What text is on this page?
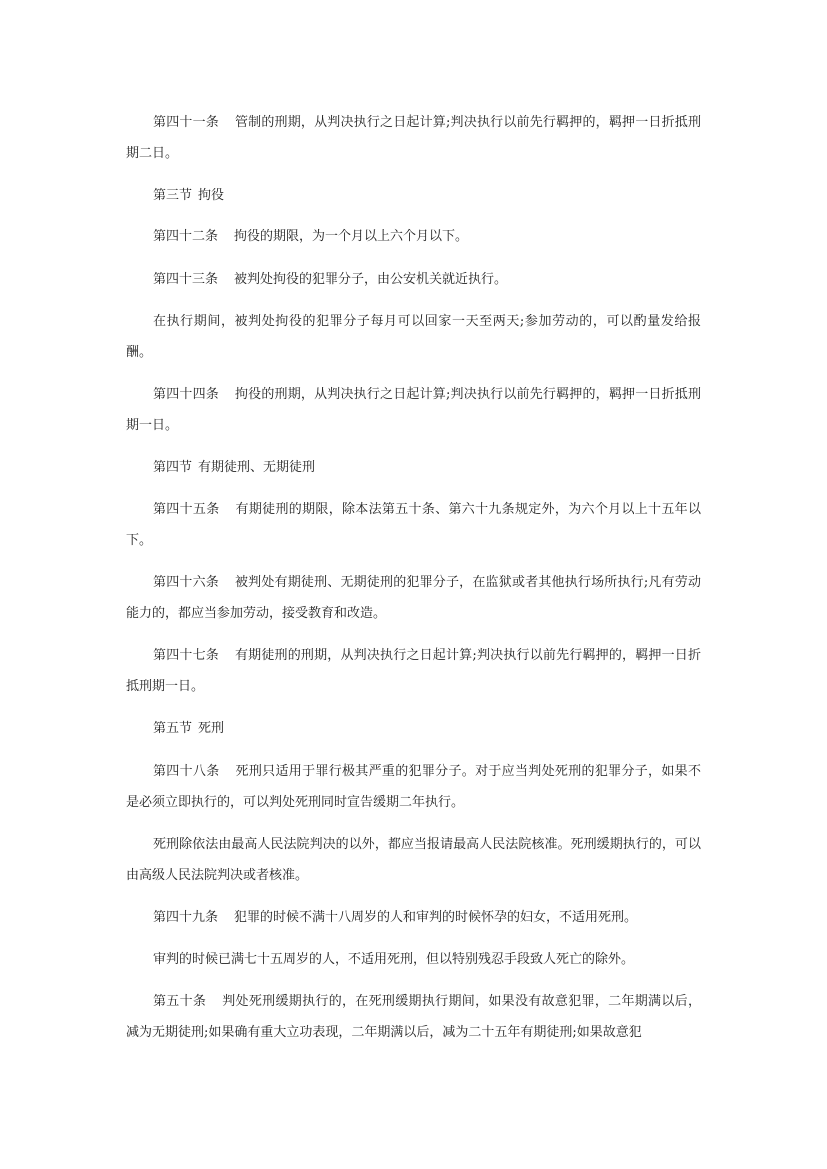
第四十一条 管制的刑期，从判决执行之日起计算;判决执行以前先行羁押的，羁押一日折抵刑期二日。

第三节 拘役

第四十二条 拘役的期限，为一个月以上六个月以下。

第四十三条 被判处拘役的犯罪分子，由公安机关就近执行。

在执行期间，被判处拘役的犯罪分子每月可以回家一天至两天;参加劳动的，可以酌量发给报酬。

第四十四条 拘役的刑期，从判决执行之日起计算;判决执行以前先行羁押的，羁押一日折抵刑期一日。

第四节 有期徒刑、无期徒刑

第四十五条 有期徒刑的期限，除本法第五十条、第六十九条规定外，为六个月以上十五年以下。

第四十六条 被判处有期徒刑、无期徒刑的犯罪分子，在监狱或者其他执行场所执行;凡有劳动能力的，都应当参加劳动，接受教育和改造。

第四十七条 有期徒刑的刑期，从判决执行之日起计算;判决执行以前先行羁押的，羁押一日折抵刑期一日。

第五节 死刑

第四十八条 死刑只适用于罪行极其严重的犯罪分子。对于应当判处死刑的犯罪分子，如果不是必须立即执行的，可以判处死刑同时宣告缓期二年执行。

死刑除依法由最高人民法院判决的以外，都应当报请最高人民法院核准。死刑缓期执行的，可以由高级人民法院判决或者核准。

第四十九条 犯罪的时候不满十八周岁的人和审判的时候怀孕的妇女，不适用死刑。

审判的时候已满七十五周岁的人，不适用死刑，但以特别残忍手段致人死亡的除外。

第五十条 判处死刑缓期执行的，在死刑缓期执行期间，如果没有故意犯罪，二年期满以后，减为无期徒刑;如果确有重大立功表现，二年期满以后，减为二十五年有期徒刑;如果故意犯
